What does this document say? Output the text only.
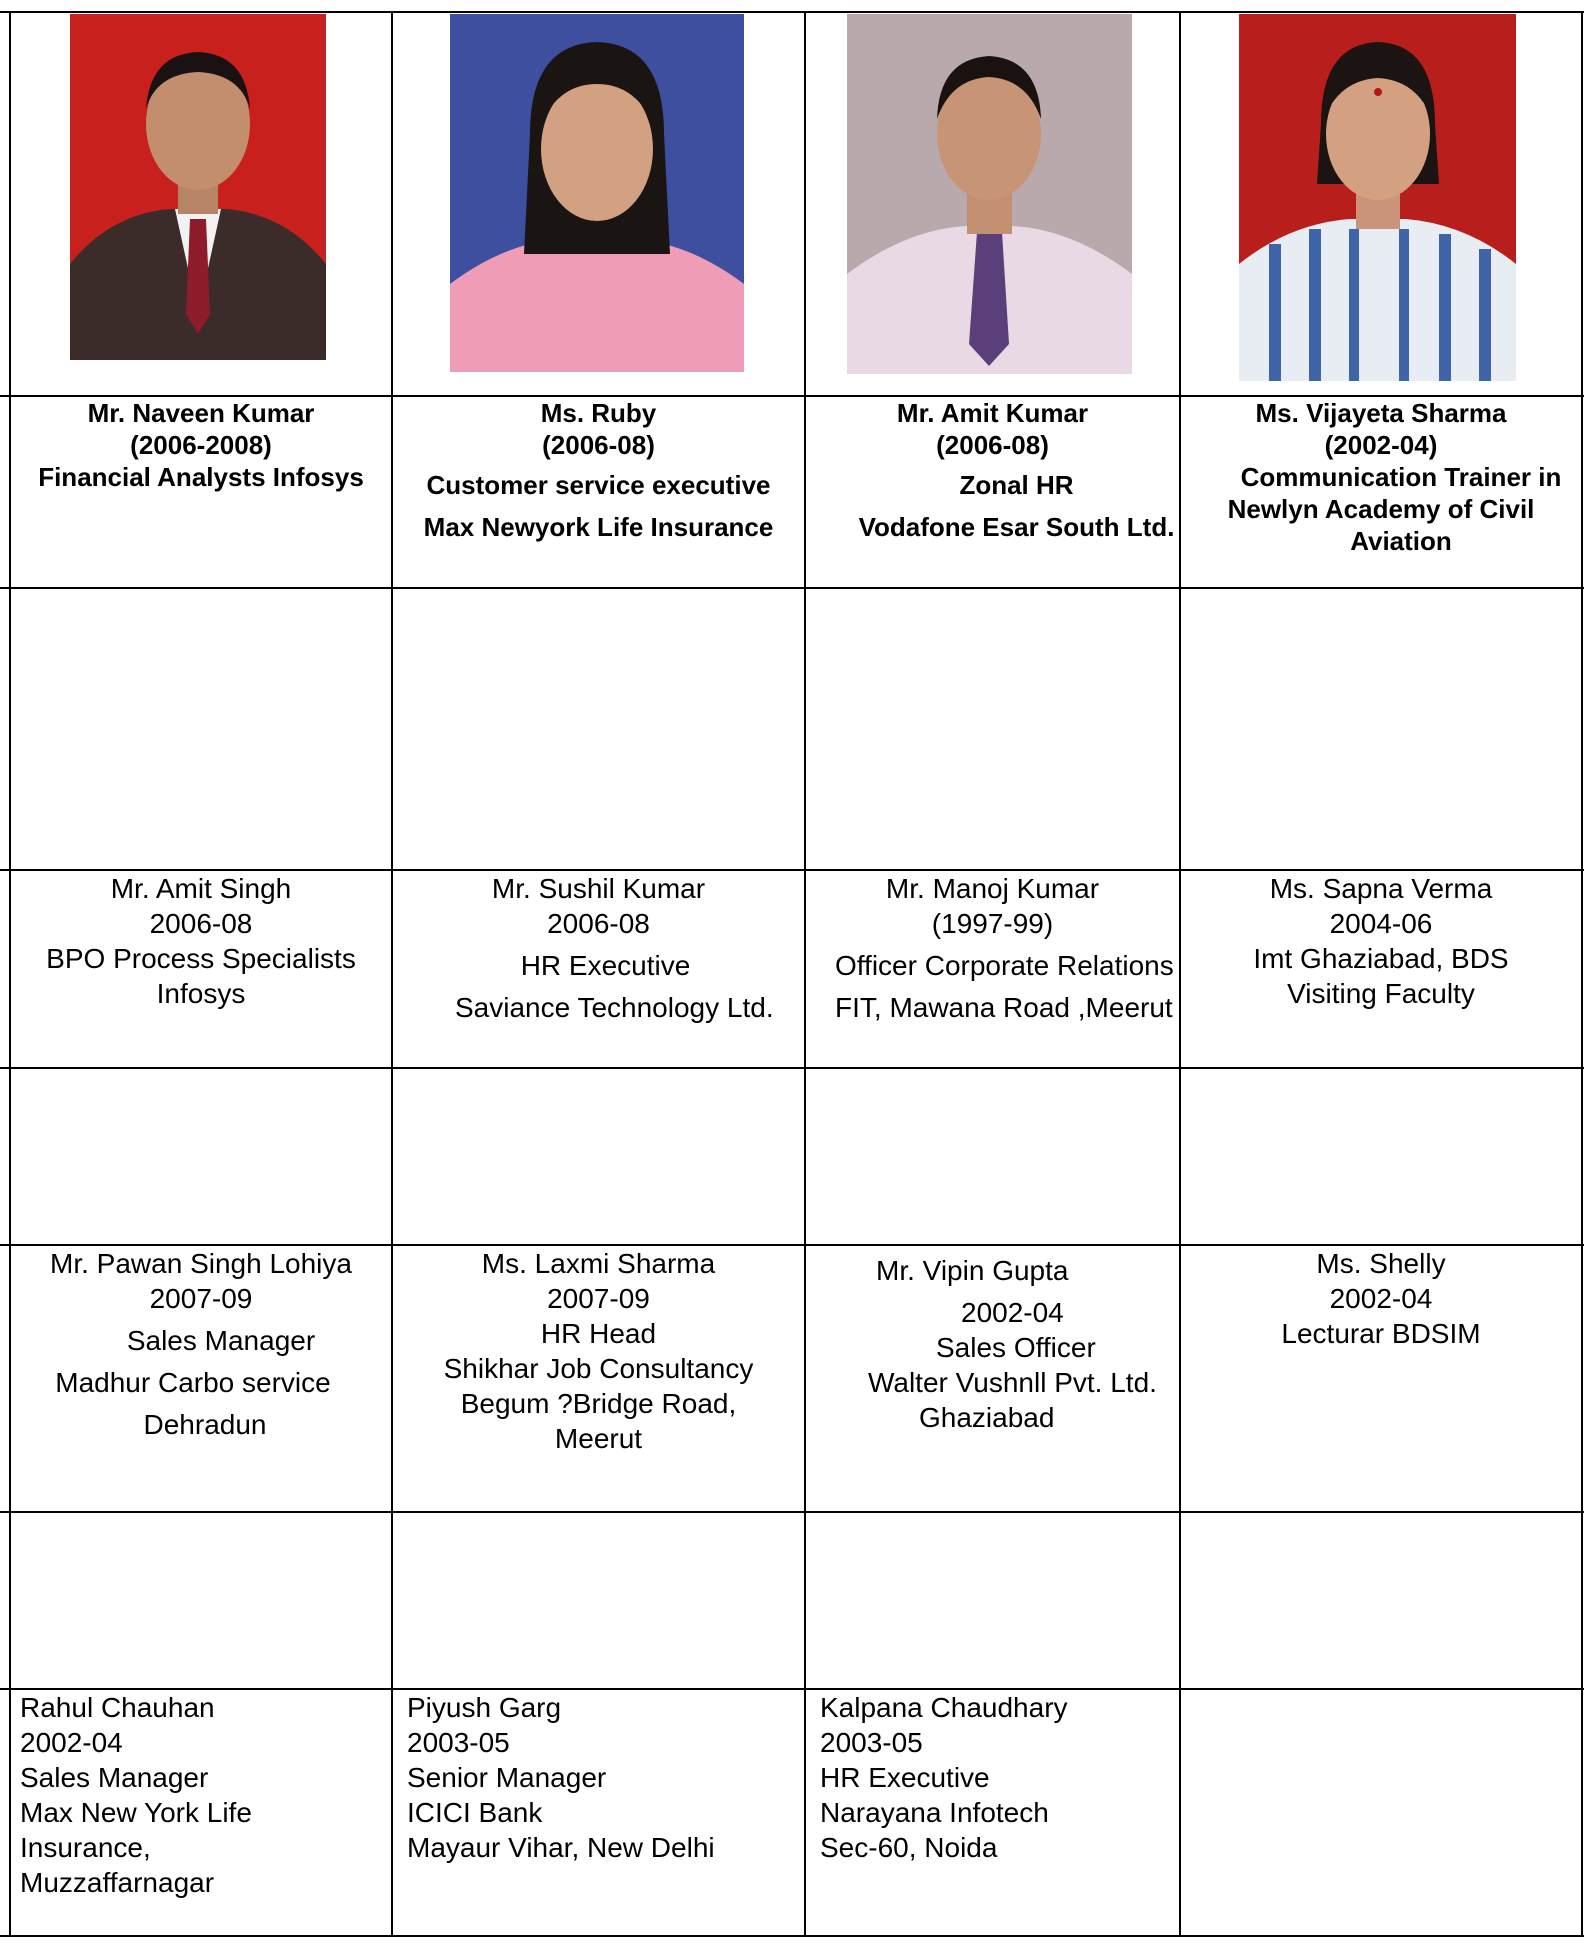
Mr. Naveen Kumar
(2006-2008)
Financial Analysts Infosys
Ms. Ruby
(2006-08)
Customer service executive
Max Newyork Life Insurance
Mr. Amit Kumar
(2006-08)
Zonal HR
Vodafone Esar South Ltd.
Ms. Vijayeta Sharma
(2002-04)
Communication Trainer in
Newlyn Academy of Civil
Aviation
Mr. Amit Singh
2006-08
BPO Process Specialists
Infosys
Mr. Sushil Kumar
2006-08
HR Executive
Saviance Technology Ltd.
Mr. Manoj Kumar
(1997-99)
Officer Corporate Relations
FIT, Mawana Road ,Meerut
Ms. Sapna Verma
2004-06
Imt Ghaziabad, BDS
Visiting Faculty
Mr. Pawan Singh Lohiya
2007-09
Sales Manager
Madhur Carbo service
Dehradun
Ms. Laxmi Sharma
2007-09
HR Head
Shikhar Job Consultancy
Begum ?Bridge Road,
Meerut
Mr. Vipin Gupta
2002-04
Sales Officer
Walter Vushnll Pvt. Ltd.
Ghaziabad
Ms. Shelly
2002-04
Lecturar BDSIM
Rahul Chauhan
2002-04
Sales Manager
Max New York Life
Insurance,
Muzzaffarnagar
Piyush Garg
2003-05
Senior Manager
ICICI Bank
Mayaur Vihar, New Delhi
Kalpana Chaudhary
2003-05
HR Executive
Narayana Infotech
Sec-60, Noida
